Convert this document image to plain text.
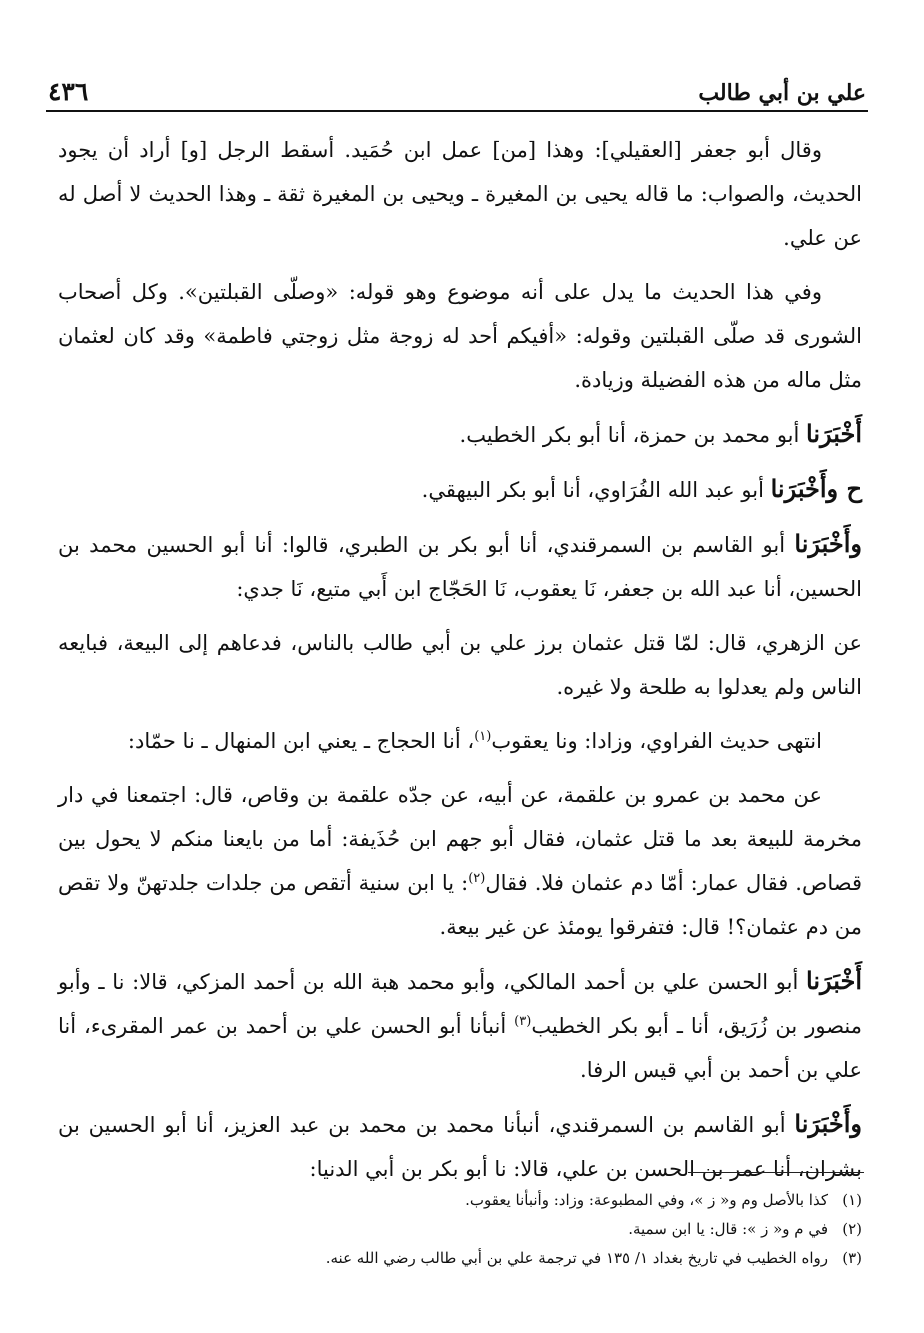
علي بن أبي طالب
٤٣٦

وقال أبو جعفر [العقيلي]: وهذا [من] عمل ابن حُمَيد. أسقط الرجل [و] أراد أن يجود الحديث، والصواب: ما قاله يحيى بن المغيرة ـ ويحيى بن المغيرة ثقة ـ وهذا الحديث لا أصل له عن علي.

وفي هذا الحديث ما يدل على أنه موضوع وهو قوله: «وصلّى القبلتين». وكل أصحاب الشورى قد صلّى القبلتين وقوله: «أفيكم أحد له زوجة مثل زوجتي فاطمة» وقد كان لعثمان مثل ماله من هذه الفضيلة وزيادة.

أَخْبَرَنا أبو محمد بن حمزة، أنا أبو بكر الخطيب.

ح وأَخْبَرَنا أبو عبد الله الفُرَاوي، أنا أبو بكر البيهقي.

وأَخْبَرَنا أبو القاسم بن السمرقندي، أنا أبو بكر بن الطبري، قالوا: أنا أبو الحسين محمد بن الحسين، أنا عبد الله بن جعفر، نَا يعقوب، نَا الحَجّاج ابن أَبي متيع، نَا جدي:

عن الزهري، قال: لمّا قتل عثمان برز علي بن أبي طالب بالناس، فدعاهم إلى البيعة، فبايعه الناس ولم يعدلوا به طلحة ولا غيره.

انتهى حديث الفراوي، وزادا: ونا يعقوب$^{(١)}$، أنا الحجاج ـ يعني ابن المنهال ـ نا حمّاد:

عن محمد بن عمرو بن علقمة، عن أبيه، عن جدّه علقمة بن وقاص، قال: اجتمعنا في دار مخرمة للبيعة بعد ما قتل عثمان، فقال أبو جهم ابن حُذَيفة: أما من بايعنا منكم لا يحول بين قصاص. فقال عمار: أمّا دم عثمان فلا. فقال$^{(٢)}$: يا ابن سنية أتقص من جلدات جلدتهنّ ولا تقص من دم عثمان؟! قال: فتفرقوا يومئذ عن غير بيعة.

أَخْبَرَنا أبو الحسن علي بن أحمد المالكي، وأبو محمد هبة الله بن أحمد المزكي، قالا: نا ـ وأبو منصور بن زُرَيق، أنا ـ أبو بكر الخطيب$^{(٣)}$ أنبأنا أبو الحسن علي بن أحمد بن عمر المقرىء، أنا علي بن أحمد بن أبي قيس الرفا.

وأَخْبَرَنا أبو القاسم بن السمرقندي، أنبأنا محمد بن محمد بن عبد العزيز، أنا أبو الحسين بن بشران، أنا عمر بن الحسن بن علي، قالا: نا أبو بكر بن أبي الدنيا:

(١)
كذا بالأصل وم و« ز »، وفي المطبوعة: وزاد: وأنبأنا يعقوب.
(٢)
في م و« ز »: قال: يا ابن سمية.
(٣)
رواه الخطيب في تاريخ بغداد ١/ ١٣٥ في ترجمة علي بن أبي طالب رضي الله عنه.
